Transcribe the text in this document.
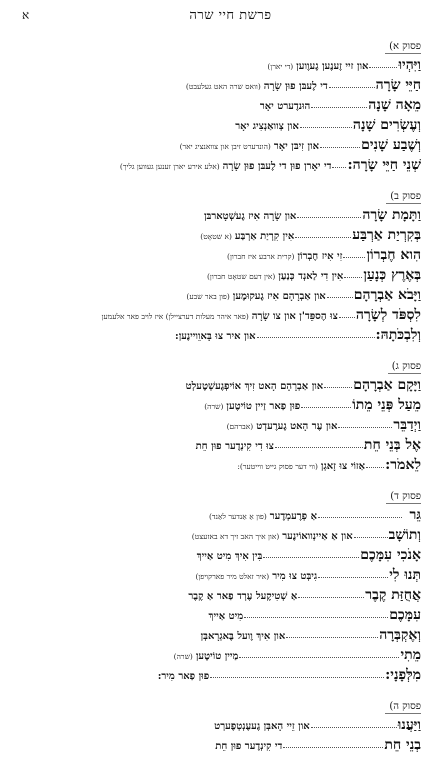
פרשת חיי שרה
א
פסוק א)
וַיִּהְיוּ
און זיי זֶענֶען גֶעוֶוען
(די יארן)
חַיֵּי שָׂרָה
די לֶעבּן פוּן שָׂרָה
(וואס שרה האט געלעבט)
מֵאָה שָׁנָה
הוּנדֶערט יאָר
וְעֶשְׂרִים שָׁנָה
און צְוואַנְצִיג יאָר
וְשֶׁבַע שָׁנִים
און זִיבּן יאָר
(הונדערט זיבן און צוואנציג יאר)
שְׁנֵי חַיֵּי שָׂרָה:
די יאָרן פוּן די לֶעבּן פוּן שָׂרָה
(אלע אירע יארן זענען געווען גליך)
פסוק ב)
וַתָּמָת שָׂרָה
און שָׂרָה אִיז גֶעשְׁטָארבּן
בְּקִרְיַת אַרְבַּע
אִין קִרְיַת אַרְבַּע
(א שטאָט)
הִוא חֶבְרוֹן
זִי אִיז חֶבְרוֹן
(קרית ארבע איז חברון)
בְּאֶרֶץ כְּנָעַן
אִין דִי לַאנְד כְּנַעַן
(אין דעם שטאָט חברון)
וַיָּבֹא אַבְרָהָם
און אַבְרָהָם אִיז גֶעקוּמֶען
(פון באר שבע)
לִסְפֹּד לְשָׂרָה
צוּ הֶספֵּד'ן און צו שָׂרָה
(פאר איהר מעלות דערציילן) איז לויב פאר אלעמען
וְלִבְכֹּתָהּ:
און איר צוּ בָּאוֵויינֶען:
פסוק ג)
וַיָּקָם אַבְרָהָם
און אַבְרָהָם הָאט זִיךְ אוֹיפְגֶעשְׁטֶעלְט
מֵעַל פְּנֵי מֵתוֹ
פוּן פַאר זַיין טוֹיטֶען
(שרה)
וַיְדַבֵּר
און עֶר הָאט גֶערֶעדְט
(אברהם)
אֶל בְּנֵי חֵת
צוּ דִי קִינְדֶער פוּן חֵת
לֵאמֹר:
אַזוֹי צוּ זָאגְן
(ווי דער פסוק גייט ווייטער):
פסוק ד)
גֵּר
אַ פְרֶעמְדֶער
(פון אַ אַנדער לאַנד)
וְתוֹשָׁב
און אַ אַיינְוואוֹינֶער
(און איך האב זיך דא באזעצט)
אָנֹכִי עִמָּכֶם
בִּין אִיךְ מִיט אַייךְ
תְּנוּ לִי
גִיבְּט צוּ מִיר
(איר זאלט מיר פארקויפן)
אֲחֻזַּת קֶבֶר
אַ שְׁטִיקֶעל עֶרְד פַאר אַ קֶבֶר
עִמָּכֶם
מִיט אַייךְ
וְאֶקְבְּרָה
און אִיךְ וֶועל בֶּאגְרָאבְּן
מֵתִי
מַיין טוֹיטֶען
(שרה)
מִלְּפָנָי:
פוּן פַאר מִיר:
פסוק ה)
וַיַּעֲנוּ
און זֵיי הָאבְּן גֶעעֶנְטְפֶערְט
בְנֵי חֵת
די קִינְדֶער פוּן חֵת
